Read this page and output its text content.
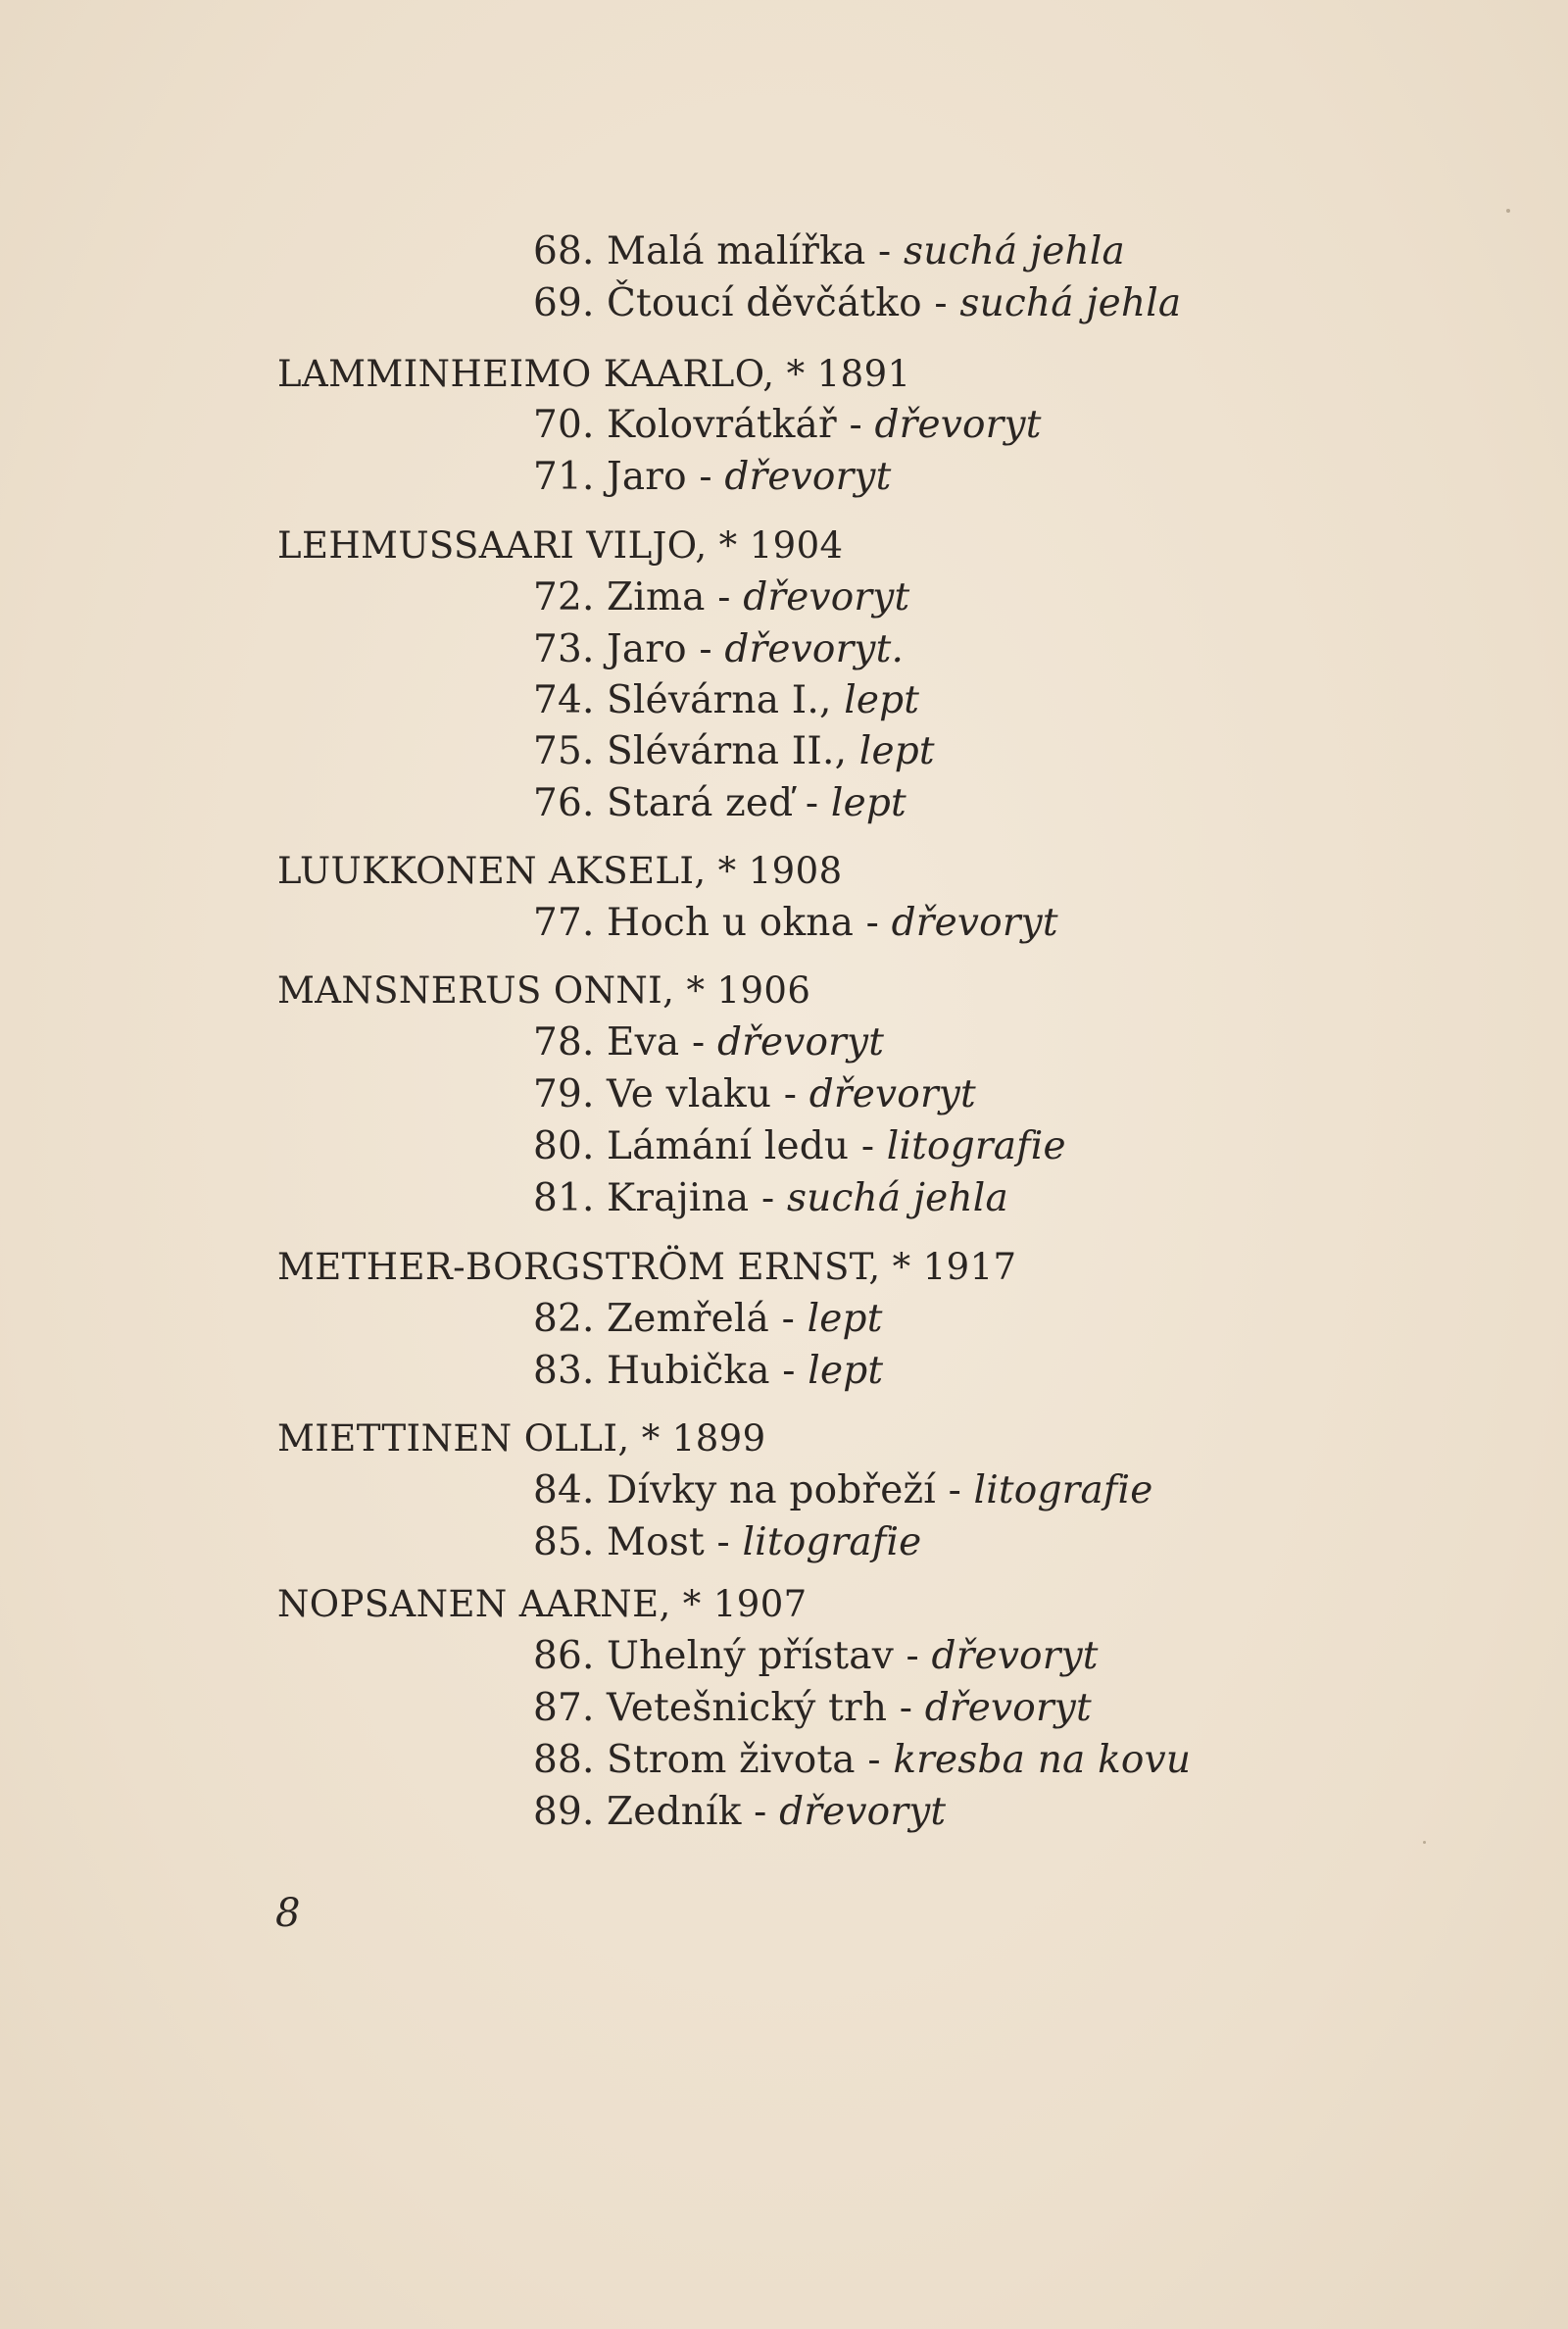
68. Malá malířka - suchá jehla
69. Čtoucí děvčátko - suchá jehla
LAMMINHEIMO KAARLO, * 1891
70. Kolovrátkář - dřevoryt
71. Jaro - dřevoryt
LEHMUSSAARI VILJO, * 1904
72. Zima - dřevoryt
73. Jaro - dřevoryt.
74. Slévárna I., lept
75. Slévárna II., lept
76. Stará zeď - lept
LUUKKONEN AKSELI, * 1908
77. Hoch u okna - dřevoryt
MANSNERUS ONNI, * 1906
78. Eva - dřevoryt
79. Ve vlaku - dřevoryt
80. Lámání ledu - litografie
81. Krajina - suchá jehla
METHER-BORGSTRÖM ERNST, * 1917
82. Zemřelá - lept
83. Hubička - lept
MIETTINEN OLLI, * 1899
84. Dívky na pobřeží - litografie
85. Most - litografie
NOPSANEN AARNE, * 1907
86. Uhelný přístav - dřevoryt
87. Vetešnický trh - dřevoryt
88. Strom života - kresba na kovu
89. Zedník - dřevoryt
8
